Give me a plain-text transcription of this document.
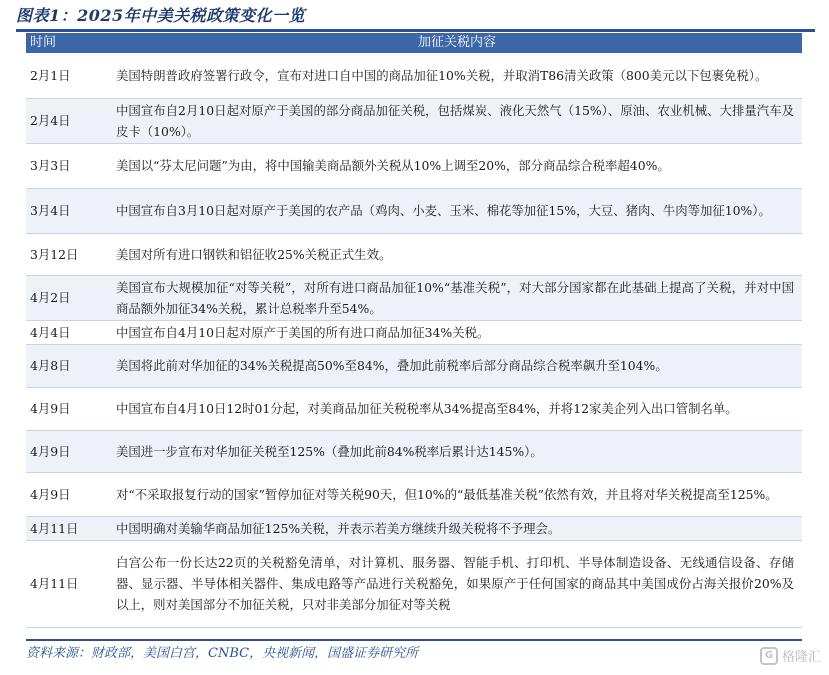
图表1：2025年中美关税政策变化一览
时间	加征关税内容
2月1日	美国特朗普政府签署行政令，宣布对进口自中国的商品加征10%关税，并取消T86清关政策（800美元以下包裹免税）。
2月4日	中国宣布自2月10日起对原产于美国的部分商品加征关税，包括煤炭、液化天然气（15%）、原油、农业机械、大排量汽车及皮卡（10%）。
3月3日	美国以“芬太尼问题”为由，将中国输美商品额外关税从10%上调至20%，部分商品综合税率超40%。
3月4日	中国宣布自3月10日起对原产于美国的农产品（鸡肉、小麦、玉米、棉花等加征15%，大豆、猪肉、牛肉等加征10%）。
3月12日	美国对所有进口钢铁和铝征收25%关税正式生效。
4月2日	美国宣布大规模加征“对等关税”，对所有进口商品加征10%“基准关税”，对大部分国家都在此基础上提高了关税，并对中国商品额外加征34%关税，累计总税率升至54%。
4月4日	中国宣布自4月10日起对原产于美国的所有进口商品加征34%关税。
4月8日	美国将此前对华加征的34%关税提高50%至84%，叠加此前税率后部分商品综合税率飙升至104%。
4月9日	中国宣布自4月10日12时01分起，对美商品加征关税税率从34%提高至84%，并将12家美企列入出口管制名单。
4月9日	美国进一步宣布对华加征关税至125%（叠加此前84%税率后累计达145%）。
4月9日	对“不采取报复行动的国家”暂停加征对等关税90天，但10%的“最低基准关税”依然有效，并且将对华关税提高至125%。
4月11日	中国明确对美输华商品加征125%关税，并表示若美方继续升级关税将不予理会。
4月11日	白宫公布一份长达22页的关税豁免清单，对计算机、服务器、智能手机、打印机、半导体制造设备、无线通信设备、存储器、显示器、半导体相关器件、集成电路等产品进行关税豁免，如果原产于任何国家的商品其中美国成份占海关报价20%及以上，则对美国部分不加征关税，只对非美部分加征对等关税
资料来源：财政部，美国白宫，CNBC，央视新闻，国盛证券研究所	G 格隆汇
